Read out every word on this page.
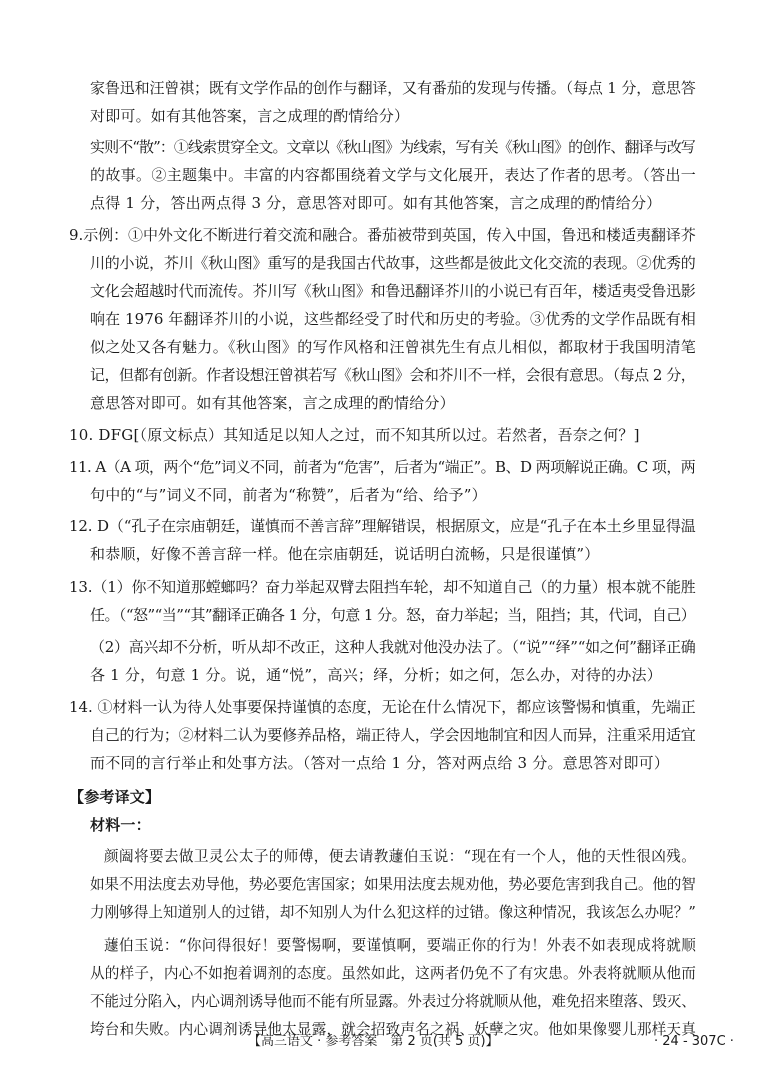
家鲁迅和汪曾祺；既有文学作品的创作与翻译，又有番茄的发现与传播。（每点 1 分，意思答
对即可。如有其他答案，言之成理的酌情给分）
实则不“散”：①线索贯穿全文。文章以《秋山图》为线索，写有关《秋山图》的创作、翻译与改写
的故事。②主题集中。丰富的内容都围绕着文学与文化展开，表达了作者的思考。（答出一
点得 1 分，答出两点得 3 分，意思答对即可。如有其他答案，言之成理的酌情给分）
9.示例：①中外文化不断进行着交流和融合。番茄被带到英国，传入中国，鲁迅和楼适夷翻译芥
川的小说，芥川《秋山图》重写的是我国古代故事，这些都是彼此文化交流的表现。②优秀的
文化会超越时代而流传。芥川写《秋山图》和鲁迅翻译芥川的小说已有百年，楼适夷受鲁迅影
响在 1976 年翻译芥川的小说，这些都经受了时代和历史的考验。③优秀的文学作品既有相
似之处又各有魅力。《秋山图》的写作风格和汪曾祺先生有点儿相似，都取材于我国明清笔
记，但都有创新。作者设想汪曾祺若写《秋山图》会和芥川不一样，会很有意思。（每点 2 分，
意思答对即可。如有其他答案，言之成理的酌情给分）
10. DFG[（原文标点）其知适足以知人之过，而不知其所以过。若然者，吾奈之何？]
11. A（A 项，两个“危”词义不同，前者为“危害”，后者为“端正”。B、D 两项解说正确。C 项，两
句中的“与”词义不同，前者为“称赞”，后者为“给、给予”）
12. D（“孔子在宗庙朝廷，谨慎而不善言辞”理解错误，根据原文，应是“孔子在本土乡里显得温
和恭顺，好像不善言辞一样。他在宗庙朝廷，说话明白流畅，只是很谨慎”）
13.（1）你不知道那螳螂吗？奋力举起双臂去阻挡车轮，却不知道自己（的力量）根本就不能胜
任。（“怒”“当”“其”翻译正确各 1 分，句意 1 分。怒，奋力举起；当，阻挡；其，代词，自己）
（2）高兴却不分析，听从却不改正，这种人我就对他没办法了。（“说”“绎”“如之何”翻译正确
各 1 分，句意 1 分。说，通“悦”，高兴；绎，分析；如之何，怎么办，对待的办法）
14. ①材料一认为待人处事要保持谨慎的态度，无论在什么情况下，都应该警惕和慎重，先端正
自己的行为；②材料二认为要修养品格，端正待人，学会因地制宜和因人而异，注重采用适宜
而不同的言行举止和处事方法。（答对一点给 1 分，答对两点给 3 分。意思答对即可）
【参考译文】
材料一：
颜阖将要去做卫灵公太子的师傅，便去请教蘧伯玉说：“现在有一个人，他的天性很凶残。
如果不用法度去劝导他，势必要危害国家；如果用法度去规劝他，势必要危害到我自己。他的智
力刚够得上知道别人的过错，却不知别人为什么犯这样的过错。像这种情况，我该怎么办呢？”
蘧伯玉说：“你问得很好！要警惕啊，要谨慎啊，要端正你的行为！外表不如表现成将就顺
从的样子，内心不如抱着调剂的态度。虽然如此，这两者仍免不了有灾患。外表将就顺从他而
不能过分陷入，内心调剂诱导他而不能有所显露。外表过分将就顺从他，难免招来堕落、毁灭、
垮台和失败。内心调剂诱导他太显露，就会招致声名之祸、妖孽之灾。他如果像婴儿那样天真
【高三语文 · 参考答案　第 2 页(共 5 页)】	· 24 - 307C ·
